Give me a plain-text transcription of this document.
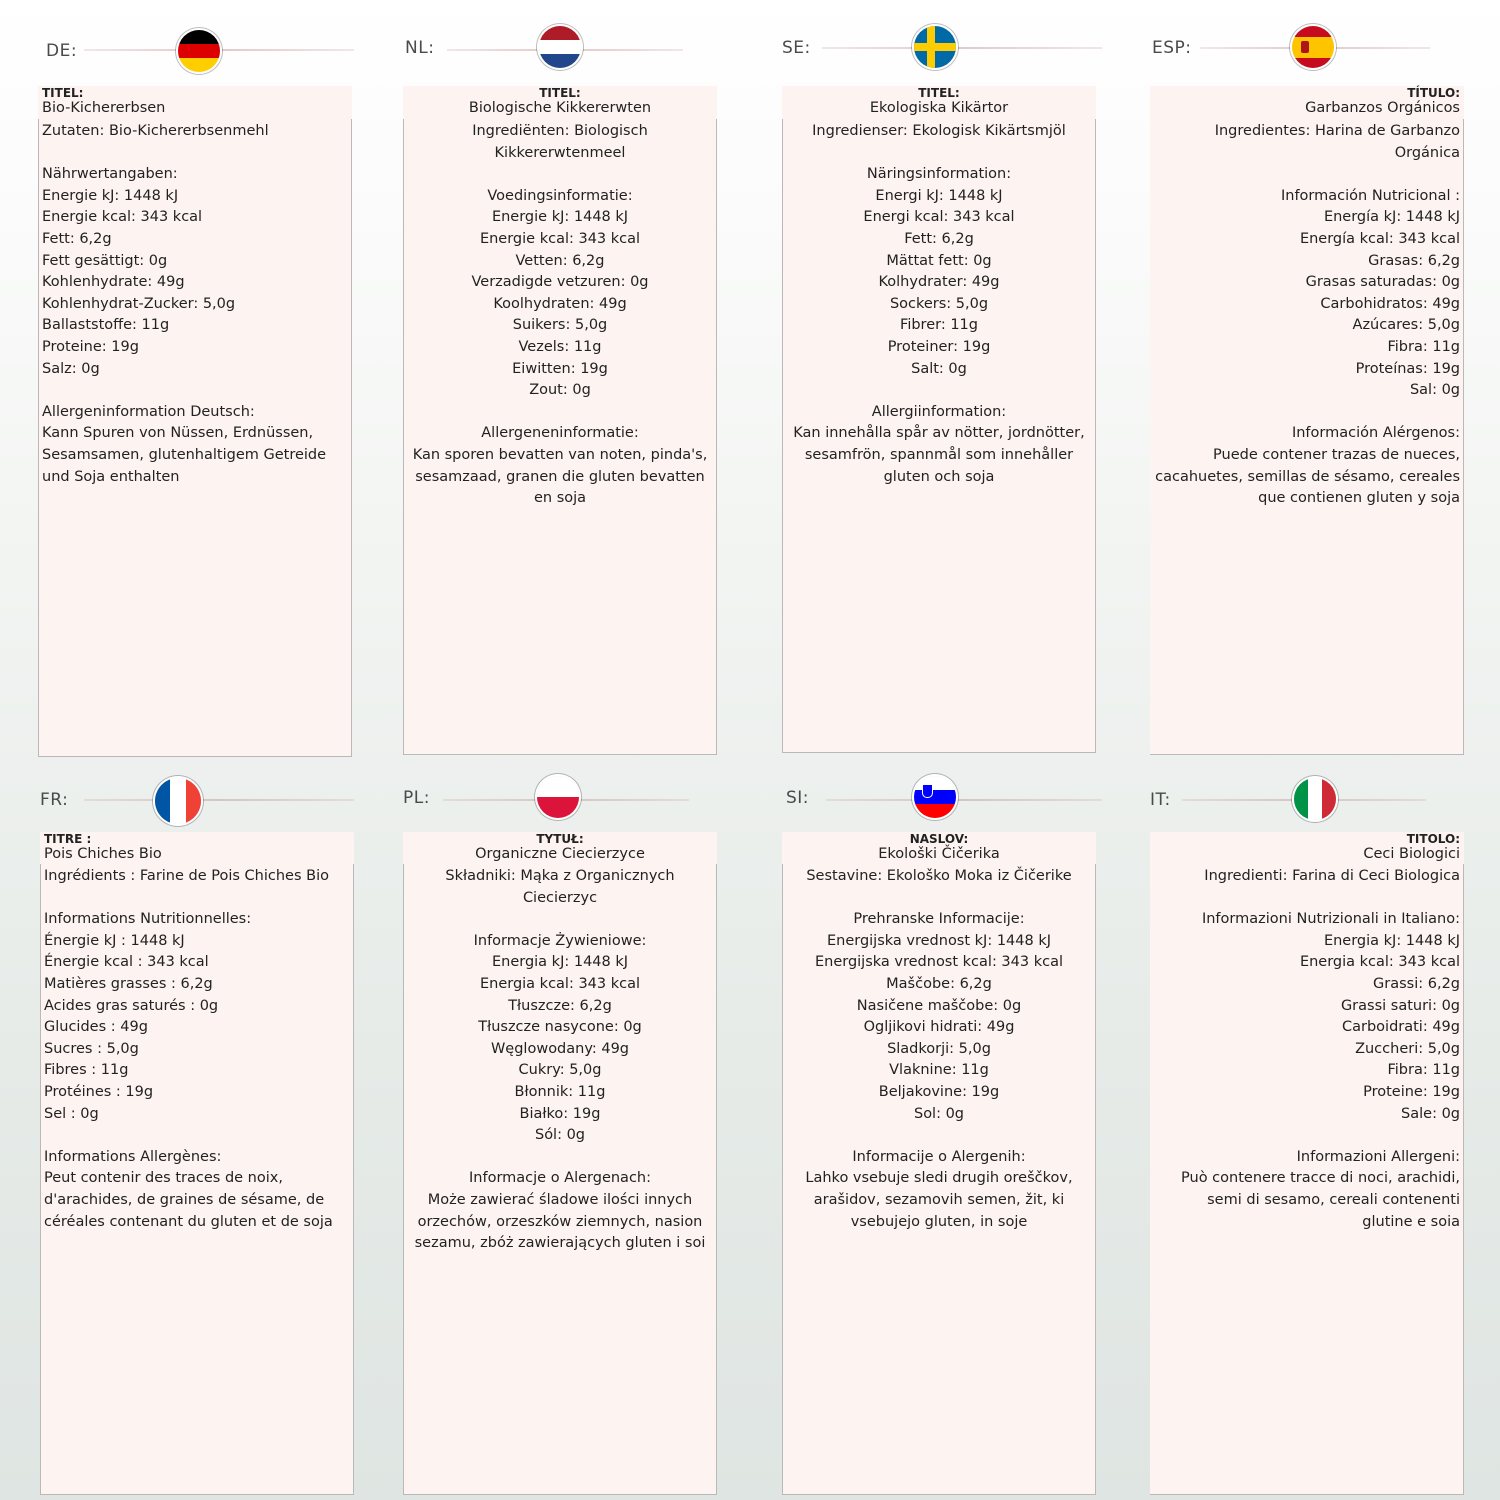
DE:
TITEL:
Bio-Kichererbsen
Zutaten: Bio-Kichererbsenmehl

Nährwertangaben:
Energie kJ: 1448 kJ
Energie kcal: 343 kcal
Fett: 6,2g
Fett gesättigt: 0g
Kohlenhydrate: 49g
Kohlenhydrat-Zucker: 5,0g
Ballaststoffe: 11g
Proteine: 19g
Salz: 0g

Allergeninformation Deutsch:
Kann Spuren von Nüssen, Erdnüssen, Sesamsamen, glutenhaltigem Getreide und Soja enthalten
NL:
TITEL:
Biologische Kikkererwten
Ingrediënten: Biologisch Kikkererwtenmeel

Voedingsinformatie:
Energie kJ: 1448 kJ
Energie kcal: 343 kcal
Vetten: 6,2g
Verzadigde vetzuren: 0g
Koolhydraten: 49g
Suikers: 5,0g
Vezels: 11g
Eiwitten: 19g
Zout: 0g

Allergeneninformatie:
Kan sporen bevatten van noten, pinda's, sesamzaad, granen die gluten bevatten en soja
SE:
TITEL:
Ekologiska Kikärtor
Ingredienser: Ekologisk Kikärtsmjöl

Näringsinformation:
Energi kJ: 1448 kJ
Energi kcal: 343 kcal
Fett: 6,2g
Mättat fett: 0g
Kolhydrater: 49g
Sockers: 5,0g
Fibrer: 11g
Proteiner: 19g
Salt: 0g

Allergiinformation:
Kan innehålla spår av nötter, jordnötter, sesamfrön, spannmål som innehåller gluten och soja
ESP:
TÍTULO:
Garbanzos Orgánicos
Ingredientes: Harina de Garbanzo Orgánica

Información Nutricional :
Energía kJ: 1448 kJ
Energía kcal: 343 kcal
Grasas: 6,2g
Grasas saturadas: 0g
Carbohidratos: 49g
Azúcares: 5,0g
Fibra: 11g
Proteínas: 19g
Sal: 0g

Información Alérgenos:
Puede contener trazas de nueces, cacahuetes, semillas de sésamo, cereales que contienen gluten y soja
FR:
TITRE :
Pois Chiches Bio
Ingrédients : Farine de Pois Chiches Bio

Informations Nutritionnelles:
Énergie kJ : 1448 kJ
Énergie kcal : 343 kcal
Matières grasses : 6,2g
Acides gras saturés : 0g
Glucides : 49g
Sucres : 5,0g
Fibres : 11g
Protéines : 19g
Sel : 0g

Informations Allergènes:
Peut contenir des traces de noix, d'arachides, de graines de sésame, de céréales contenant du gluten et de soja
PL:
TYTUŁ:
Organiczne Ciecierzyce
Składniki: Mąka z Organicznych Ciecierzyc

Informacje Żywieniowe:
Energia kJ: 1448 kJ
Energia kcal: 343 kcal
Tłuszcze: 6,2g
Tłuszcze nasycone: 0g
Węglowodany: 49g
Cukry: 5,0g
Błonnik: 11g
Białko: 19g
Sól: 0g

Informacje o Alergenach:
Może zawierać śladowe ilości innych orzechów, orzeszków ziemnych, nasion sezamu, zbóż zawierających gluten i soi
SI:
NASLOV:
Ekološki Čičerika
Sestavine: Ekološko Moka iz Čičerike

Prehranske Informacije:
Energijska vrednost kJ: 1448 kJ
Energijska vrednost kcal: 343 kcal
Maščobe: 6,2g
Nasičene maščobe: 0g
Ogljikovi hidrati: 49g
Sladkorji: 5,0g
Vlaknine: 11g
Beljakovine: 19g
Sol: 0g

Informacije o Alergenih:
Lahko vsebuje sledi drugih oreščkov, arašidov, sezamovih semen, žit, ki vsebujejo gluten, in soje
IT:
TITOLO:
Ceci Biologici
Ingredienti: Farina di Ceci Biologica

Informazioni Nutrizionali in Italiano:
Energia kJ: 1448 kJ
Energia kcal: 343 kcal
Grassi: 6,2g
Grassi saturi: 0g
Carboidrati: 49g
Zuccheri: 5,0g
Fibra: 11g
Proteine: 19g
Sale: 0g

Informazioni Allergeni:
Può contenere tracce di noci, arachidi, semi di sesamo, cereali contenenti glutine e soia
